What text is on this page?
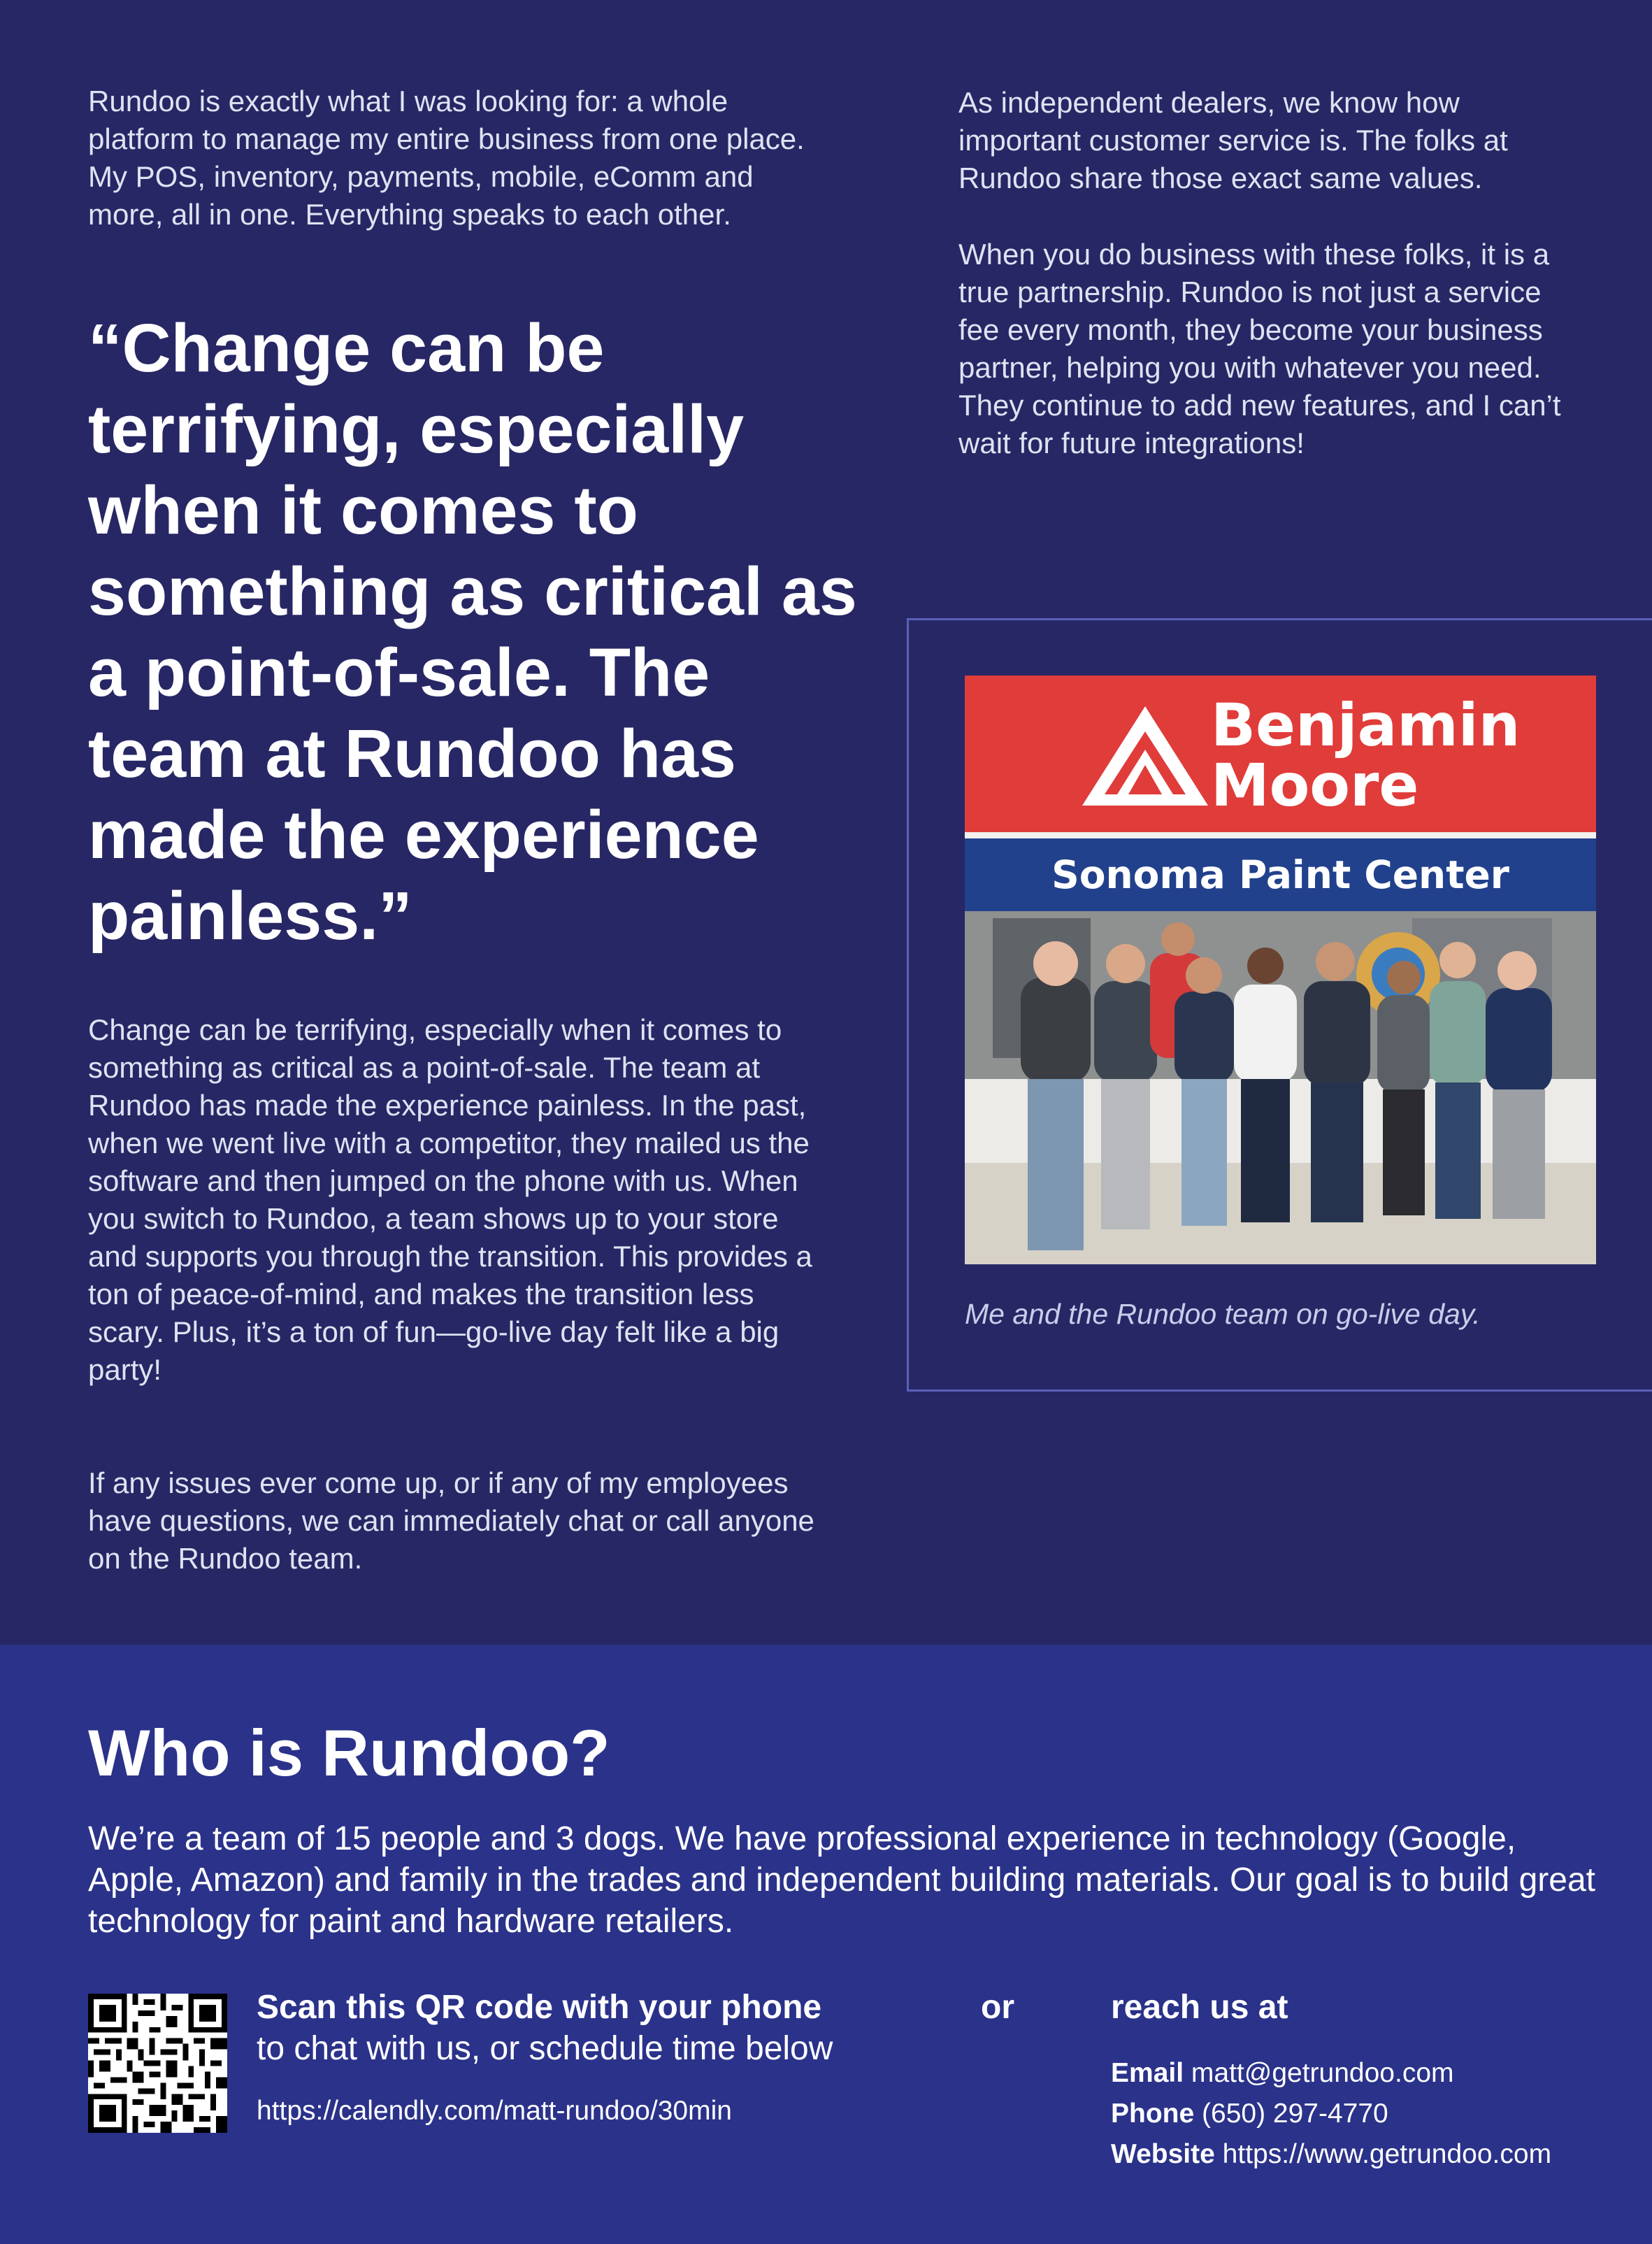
Rundoo is exactly what I was looking for: a whole platform to manage my entire business from one place. My POS, inventory, payments, mobile, eComm and more, all in one. Everything speaks to each other.

“Change can be terrifying, especially when it comes to something as critical as a point-of-sale. The team at Rundoo has made the experience painless.”

Change can be terrifying, especially when it comes to something as critical as a point-of-sale. The team at Rundoo has made the experience painless. In the past, when we went live with a competitor, they mailed us the software and then jumped on the phone with us. When you switch to Rundoo, a team shows up to your store and supports you through the transition. This provides a ton of peace-of-mind, and makes the transition less scary. Plus, it’s a ton of fun—go-live day felt like a big party!

If any issues ever come up, or if any of my employees have questions, we can immediately chat or call anyone on the Rundoo team.

As independent dealers, we know how important customer service is. The folks at Rundoo share those exact same values.

When you do business with these folks, it is a true partnership. Rundoo is not just a service fee every month, they become your business partner, helping you with whatever you need. They continue to add new features, and I can’t wait for future integrations!

Benjamin
Moore
Sonoma Paint Center
Me and the Rundoo team on go-live day.
Who is Rundoo?

We’re a team of 15 people and 3 dogs. We have professional experience in technology (Google, Apple, Amazon) and family in the trades and independent building materials. Our goal is to build great technology for paint and hardware retailers.

Scan this QR code with your phone
to chat with us, or schedule time below
https://calendly.com/matt-rundoo/30min
or	reach us at
Email matt@getrundoo.com
Phone (650) 297-4770
Website https://www.getrundoo.com
